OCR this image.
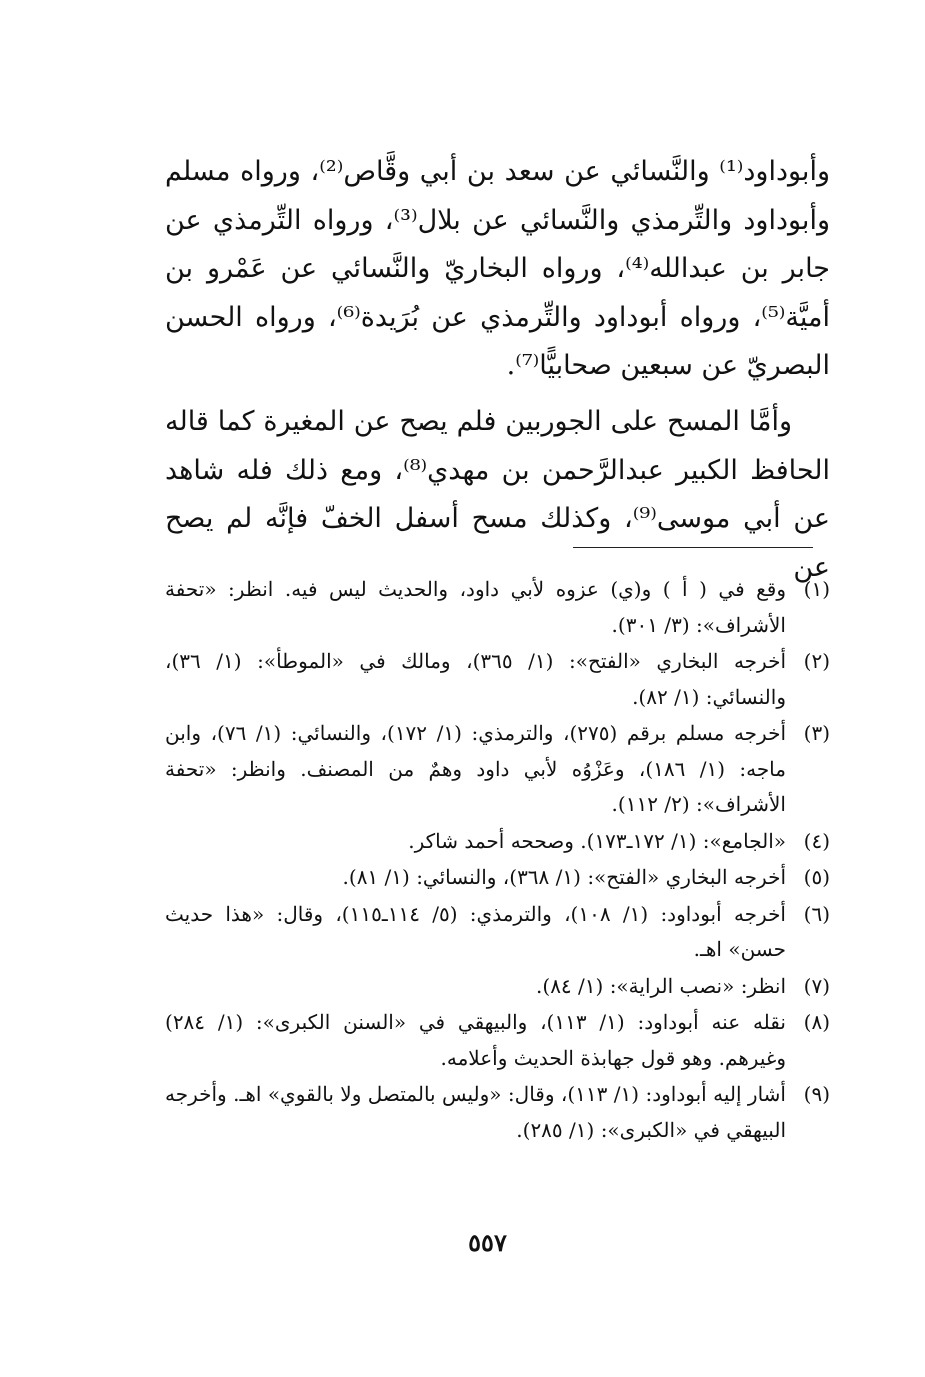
وأبوداود⁽¹⁾ والنَّسائي عن سعد بن أبي وقَّاص⁽²⁾، ورواه مسلم وأبوداود والتِّرمذي والنَّسائي عن بلال⁽³⁾، ورواه التِّرمذي عن جابر بن عبدالله⁽⁴⁾، ورواه البخاريّ والنَّسائي عن عَمْرو بن أميَّة⁽⁵⁾، ورواه أبوداود والتِّرمذي عن بُرَيدة⁽⁶⁾، ورواه الحسن البصريّ عن سبعين صحابيًّا⁽⁷⁾.

وأمَّا المسح على الجوربين فلم يصح عن المغيرة كما قاله الحافظ الكبير عبدالرَّحمن بن مهدي⁽⁸⁾، ومع ذلك فله شاهد عن أبي موسى⁽⁹⁾، وكذلك مسح أسفل الخفّ فإنَّه لم يصح عن

(١)
وقع في ( أ ) و(ي) عزوه لأبي داود، والحديث ليس فيه. انظر: «تحفة الأشراف»: (٣/ ٣٠١).
(٢)
أخرجه البخاري «الفتح»: (١/ ٣٦٥)، ومالك في «الموطأ»: (١/ ٣٦)، والنسائي: (١/ ٨٢).
(٣)
أخرجه مسلم برقم (٢٧٥)، والترمذي: (١/ ١٧٢)، والنسائي: (١/ ٧٦)، وابن ماجه: (١/ ١٨٦)، وعَزْوُه لأبي داود وهمٌ من المصنف. وانظر: «تحفة الأشراف»: (٢/ ١١٢).
(٤)
«الجامع»: (١/ ١٧٢ـ١٧٣). وصححه أحمد شاكر.
(٥)
أخرجه البخاري «الفتح»: (١/ ٣٦٨)، والنسائي: (١/ ٨١).
(٦)
أخرجه أبوداود: (١/ ١٠٨)، والترمذي: (٥/ ١١٤ـ١١٥)، وقال: «هذا حديث حسن» اهـ.
(٧)
انظر: «نصب الراية»: (١/ ٨٤).
(٨)
نقله عنه أبوداود: (١/ ١١٣)، والبيهقي في «السنن الكبرى»: (١/ ٢٨٤) وغيرهم. وهو قول جهابذة الحديث وأعلامه.
(٩)
أشار إليه أبوداود: (١/ ١١٣)، وقال: «وليس بالمتصل ولا بالقوي» اهـ. وأخرجه البيهقي في «الكبرى»: (١/ ٢٨٥).
٥٥٧
